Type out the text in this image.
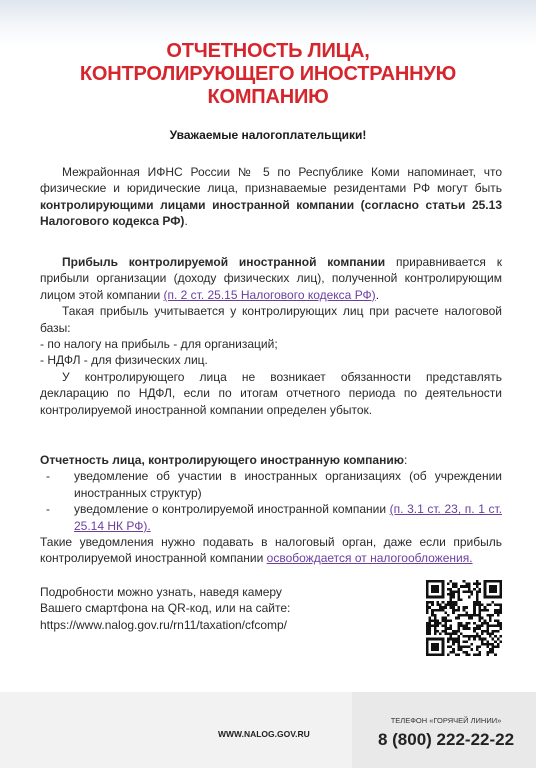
ОТЧЕТНОСТЬ ЛИЦА,
КОНТРОЛИРУЮЩЕГО ИНОСТРАННУЮ
КОМПАНИЮ
Уважаемые налогоплательщики!
Межрайонная ИФНС России № 5 по Республике Коми напоминает, что физические и юридические лица, признаваемые резидентами РФ могут быть контролирующими лицами иностранной компании (согласно статьи 25.13 Налогового кодекса РФ).
Прибыль контролируемой иностранной компании приравнивается к прибыли организации (доходу физических лиц), полученной контролирующим лицом этой компании (п. 2 ст. 25.15 Налогового кодекса РФ).
Такая прибыль учитывается у контролирующих лиц при расчете налоговой базы:
- по налогу на прибыль - для организаций;
- НДФЛ - для физических лиц.
У контролирующего лица не возникает обязанности представлять декларацию по НДФЛ, если по итогам отчетного периода по деятельности контролируемой иностранной компании определен убыток.
Отчетность лица, контролирующего иностранную компанию:
- уведомление об участии в иностранных организациях (об учреждении иностранных структур)
- уведомление о контролируемой иностранной компании (п. 3.1 ст. 23, п. 1 ст. 25.14 НК РФ).
Такие уведомления нужно подавать в налоговый орган, даже если прибыль контролируемой иностранной компании освобождается от налогообложения.
Подробности можно узнать, наведя камеру
Вашего смартфона на QR-код, или на сайте:
https://www.nalog.gov.ru/rn11/taxation/cfcomp/
WWW.NALOG.GOV.RU
ТЕЛЕФОН «ГОРЯЧЕЙ ЛИНИИ»
8 (800) 222-22-22
